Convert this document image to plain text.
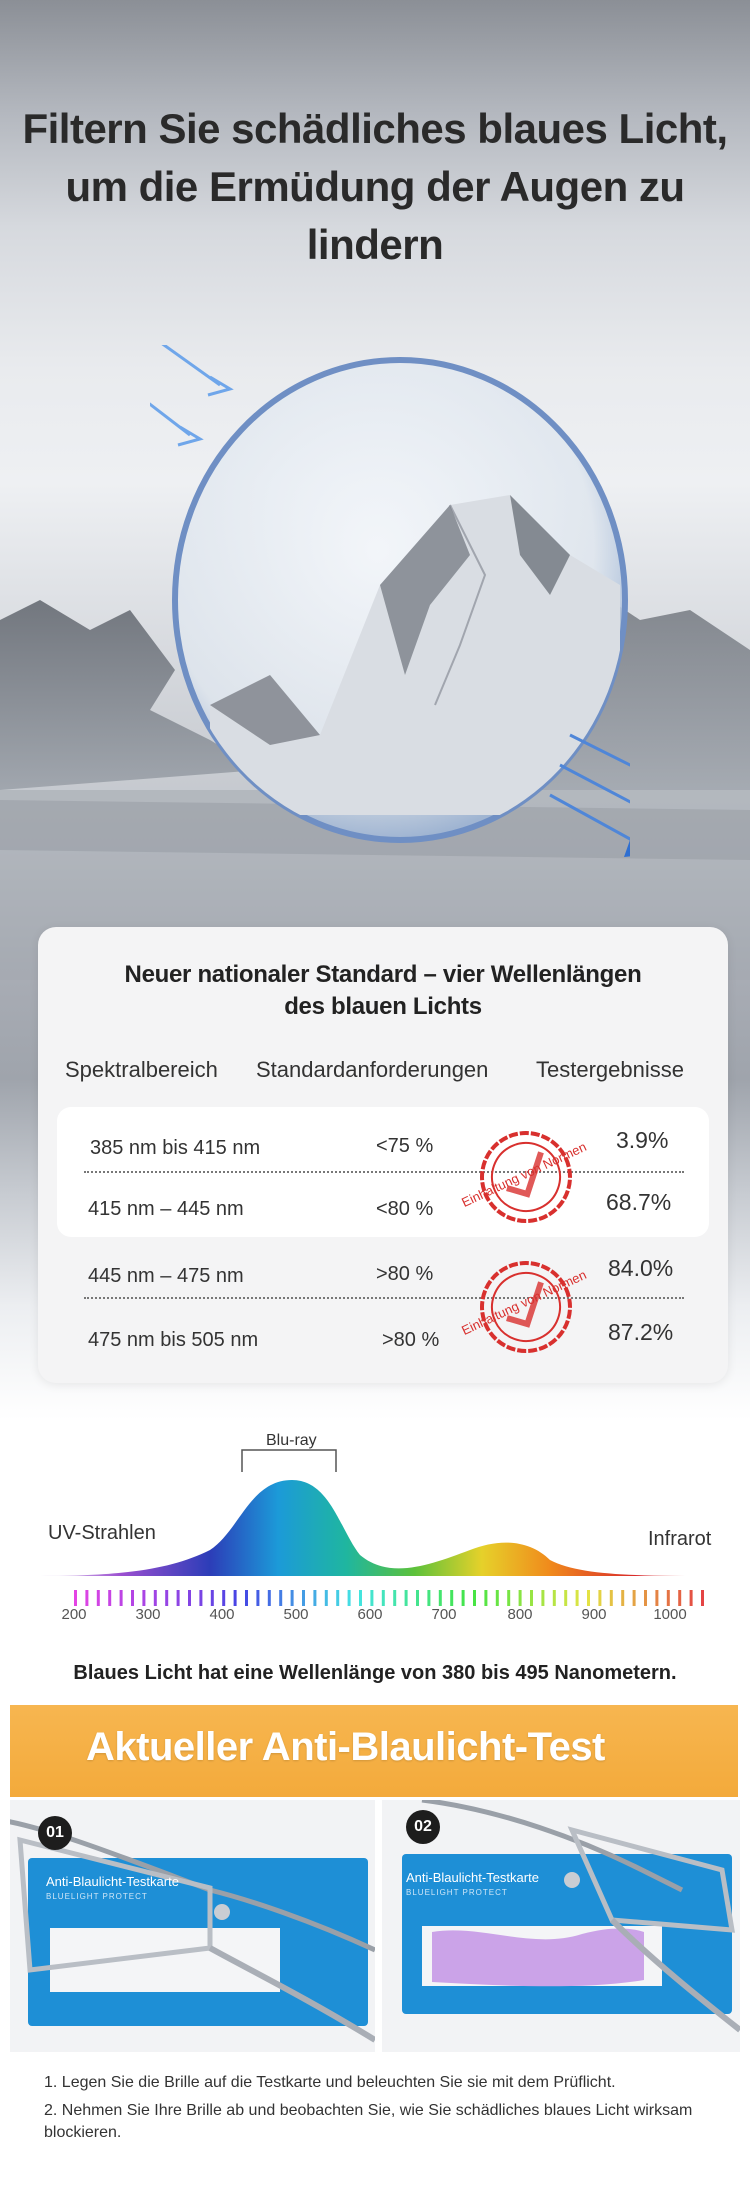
Filtern Sie schädliches blaues Licht,
um die Ermüdung der Augen zu lindern

Neuer nationaler Standard – vier Wellenlängen
des blauen Lichts

Spektralbereich Standardanforderungen Testergebnisse
385 nm bis 415 nm	<75 %	3.9%
415 nm – 445 nm	<80 %	68.7%
445 nm – 475 nm	>80 %	84.0%
475 nm bis 505 nm	>80 %	87.2%
Einhaltung von Normen
Einhaltung von Normen
Blu-ray
UV-Strahlen	Infrarot
200	300	400	500	600	700	800	900	1000
Blaues Licht hat eine Wellenlänge von 380 bis 495 Nanometern.
Aktueller Anti-Blaulicht-Test
01
Anti-Blaulicht-Testkarte
BLUELIGHT PROTECT
02
Anti-Blaulicht-Testkarte
BLUELIGHT PROTECT
1. Legen Sie die Brille auf die Testkarte und beleuchten Sie sie mit dem Prüflicht.
2. Nehmen Sie Ihre Brille ab und beobachten Sie, wie Sie schädliches blaues Licht wirksam blockieren.
